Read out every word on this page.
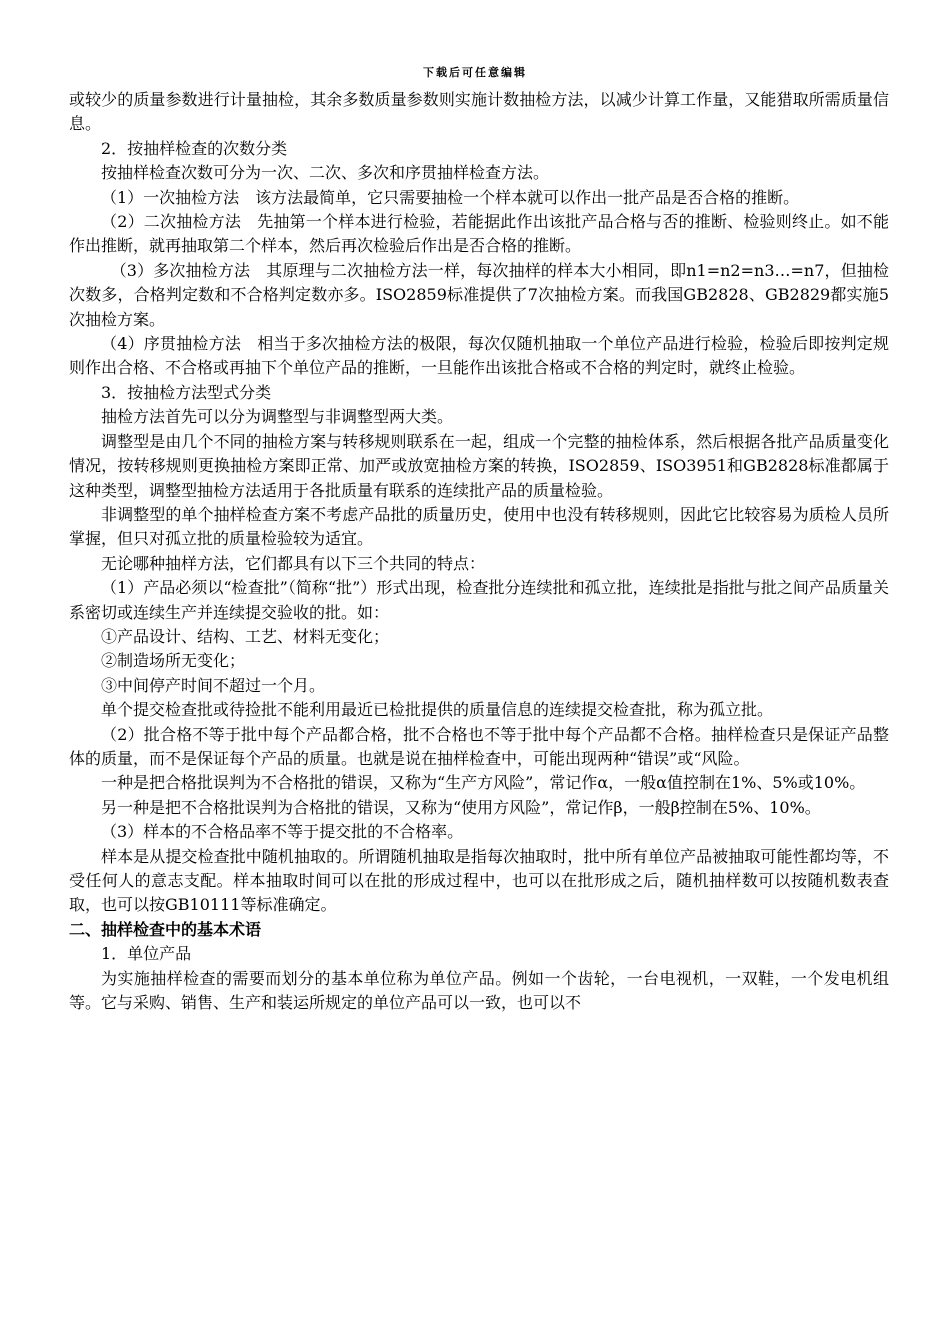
下载后可任意编辑

或较少的质量参数进行计量抽检，其余多数质量参数则实施计数抽检方法，以减少计算工作量，又能猎取所需质量信息。

2．按抽样检查的次数分类

按抽样检查次数可分为一次、二次、多次和序贯抽样检查方法。

（1）一次抽检方法　该方法最简单，它只需要抽检一个样本就可以作出一批产品是否合格的推断。

（2）二次抽检方法　先抽第一个样本进行检验，若能据此作出该批产品合格与否的推断、检验则终止。如不能作出推断，就再抽取第二个样本，然后再次检验后作出是否合格的推断。

（3）多次抽检方法　其原理与二次抽检方法一样，每次抽样的样本大小相同，即n1=n2=n3…=n7，但抽检次数多，合格判定数和不合格判定数亦多。ISO2859标准提供了7次抽检方案。而我国GB2828、GB2829都实施5次抽检方案。

（4）序贯抽检方法　相当于多次抽检方法的极限，每次仅随机抽取一个单位产品进行检验，检验后即按判定规则作出合格、不合格或再抽下个单位产品的推断，一旦能作出该批合格或不合格的判定时，就终止检验。

3．按抽检方法型式分类

抽检方法首先可以分为调整型与非调整型两大类。

调整型是由几个不同的抽检方案与转移规则联系在一起，组成一个完整的抽检体系，然后根据各批产品质量变化情况，按转移规则更换抽检方案即正常、加严或放宽抽检方案的转换，ISO2859、ISO3951和GB2828标准都属于这种类型，调整型抽检方法适用于各批质量有联系的连续批产品的质量检验。

非调整型的单个抽样检查方案不考虑产品批的质量历史，使用中也没有转移规则，因此它比较容易为质检人员所掌握，但只对孤立批的质量检验较为适宜。

无论哪种抽样方法，它们都具有以下三个共同的特点：

（1）产品必须以“检查批”（简称“批”）形式出现，检查批分连续批和孤立批，连续批是指批与批之间产品质量关系密切或连续生产并连续提交验收的批。如：

①产品设计、结构、工艺、材料无变化；

②制造场所无变化；

③中间停产时间不超过一个月。

单个提交检查批或待捡批不能利用最近已检批提供的质量信息的连续提交检查批，称为孤立批。

（2）批合格不等于批中每个产品都合格，批不合格也不等于批中每个产品都不合格。抽样检查只是保证产品整体的质量，而不是保证每个产品的质量。也就是说在抽样检查中，可能出现两种“错误”或“风险。

一种是把合格批误判为不合格批的错误，又称为“生产方风险”，常记作α，一般α值控制在1%、5%或10%。

另一种是把不合格批误判为合格批的错误，又称为“使用方风险”，常记作β，一般β控制在5%、10%。

（3）样本的不合格品率不等于提交批的不合格率。

样本是从提交检查批中随机抽取的。所谓随机抽取是指每次抽取时，批中所有单位产品被抽取可能性都均等，不受任何人的意志支配。样本抽取时间可以在批的形成过程中，也可以在批形成之后，随机抽样数可以按随机数表查取，也可以按GB10111等标准确定。

二、抽样检查中的基本术语

1．单位产品

为实施抽样检查的需要而划分的基本单位称为单位产品。例如一个齿轮，一台电视机，一双鞋，一个发电机组等。它与采购、销售、生产和装运所规定的单位产品可以一致，也可以不
